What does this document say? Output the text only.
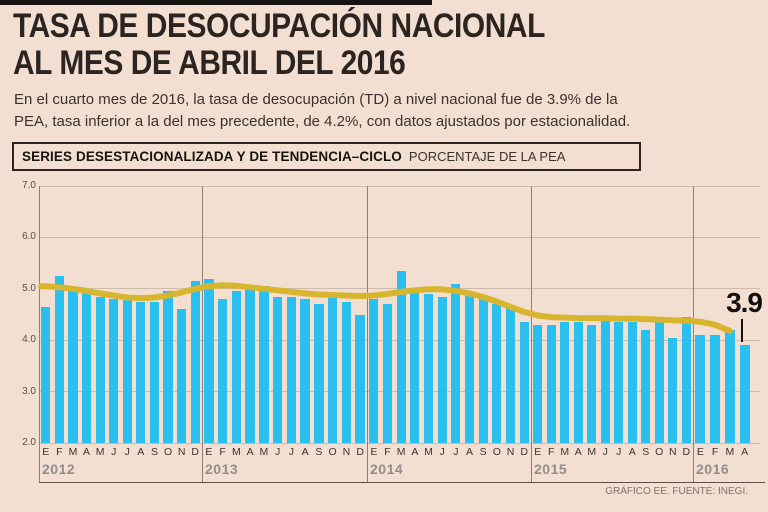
TASA DE DESOCUPACIÓN NACIONAL
AL MES DE ABRIL DEL 2016
En el cuarto mes de 2016, la tasa de desocupación (TD) a nivel nacional fue de 3.9% de la
PEA, tasa inferior a la del mes precedente, de 4.2%, con datos ajustados por estacionalidad.
SERIES DESESTACIONALIZADA Y DE TENDENCIA–CICLO PORCENTAJE DE LA PEA
7.0
6.0
5.0
4.0
3.0
2.0
E F M A M J J A S O N D
2012
E F M A M J J A S O N D
2013
E F M A M J J A S O N D
2014
E F M A M J J A S O N D
2015
E F M A
2016
GRÁFICO EE. FUENTE: INEGI.
3.9
